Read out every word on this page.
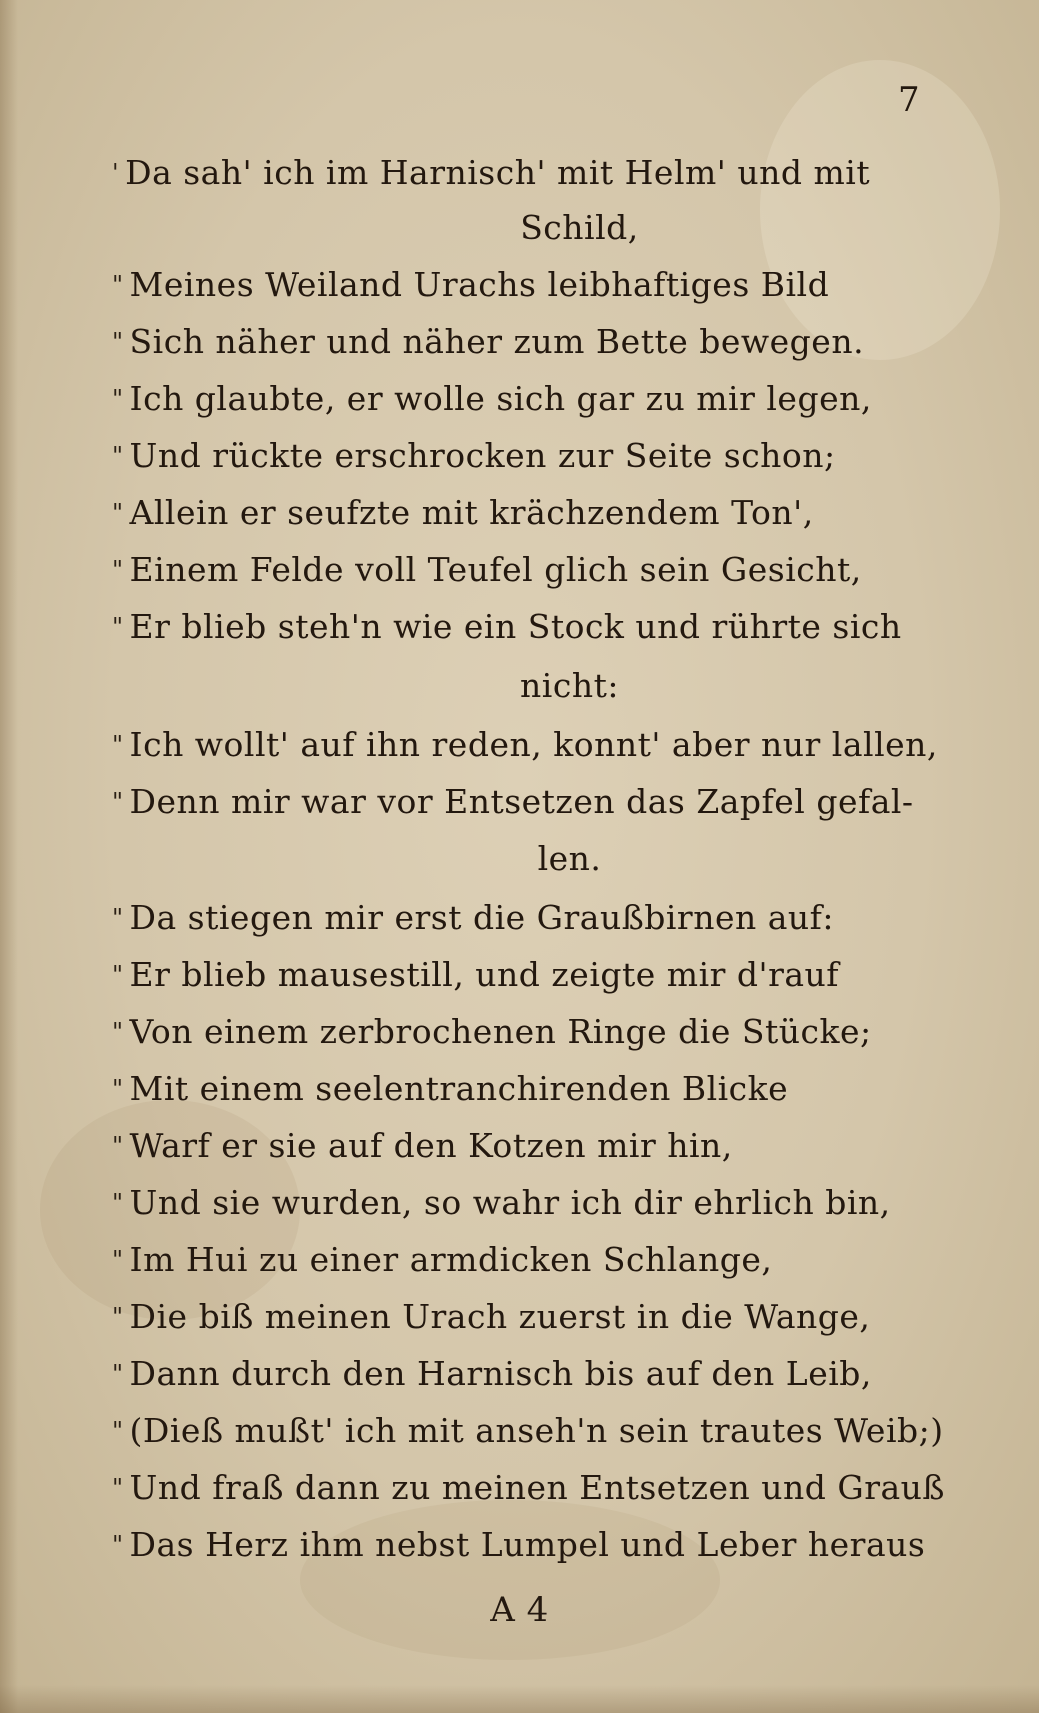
7
' Da sah' ich im Harnisch' mit Helm' und mit
Schild,
" Meines Weiland Urachs leibhaftiges Bild
" Sich näher und näher zum Bette bewegen.
" Ich glaubte, er wolle sich gar zu mir legen,
" Und rückte erschrocken zur Seite schon;
" Allein er seufzte mit krächzendem Ton',
" Einem Felde voll Teufel glich sein Gesicht,
" Er blieb steh'n wie ein Stock und rührte sich
nicht:
" Ich wollt' auf ihn reden, konnt' aber nur lallen,
" Denn mir war vor Entsetzen das Zapfel gefal-
len.
" Da stiegen mir erst die Graußbirnen auf:
" Er blieb mausestill, und zeigte mir d'rauf
" Von einem zerbrochenen Ringe die Stücke;
" Mit einem seelentranchirenden Blicke
" Warf er sie auf den Kotzen mir hin,
" Und sie wurden, so wahr ich dir ehrlich bin,
" Im Hui zu einer armdicken Schlange,
" Die biß meinen Urach zuerst in die Wange,
" Dann durch den Harnisch bis auf den Leib,
" (Dieß mußt' ich mit anseh'n sein trautes Weib;)
" Und fraß dann zu meinen Entsetzen und Grauß
" Das Herz ihm nebst Lumpel und Leber heraus
A 4
